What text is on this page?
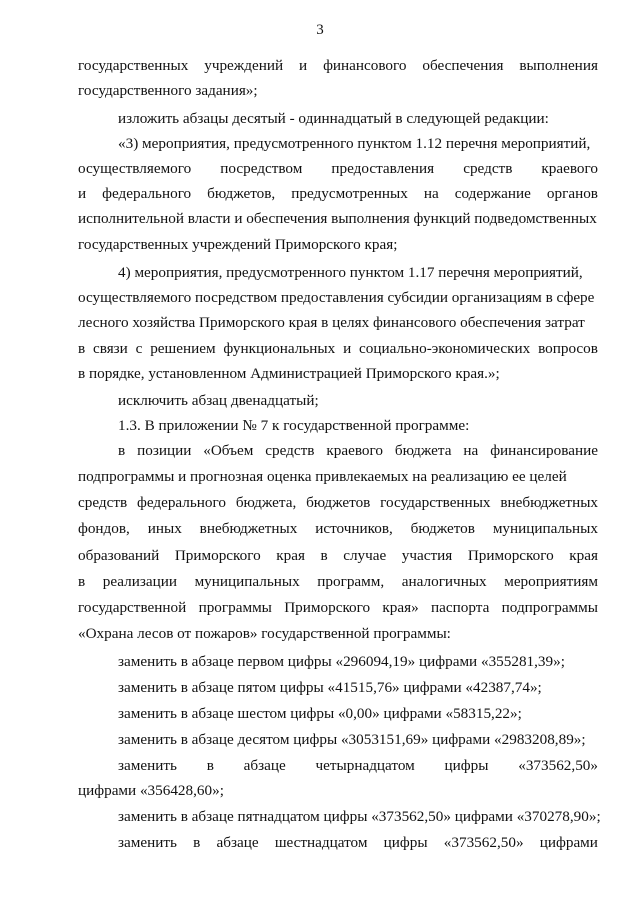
3
государственных учреждений и финансового обеспечения выполнения
государственного задания»;
изложить абзацы десятый - одиннадцатый в следующей редакции:
«3) мероприятия, предусмотренного пунктом 1.12 перечня мероприятий,
осуществляемого посредством предоставления средств краевого
и федерального бюджетов, предусмотренных на содержание органов
исполнительной власти и обеспечения выполнения функций подведомственных
государственных учреждений Приморского края;
4) мероприятия, предусмотренного пунктом 1.17 перечня мероприятий,
осуществляемого посредством предоставления субсидии организациям в сфере
лесного хозяйства Приморского края в целях финансового обеспечения затрат
в связи с решением функциональных и социально-экономических вопросов
в порядке, установленном Администрацией Приморского края.»;
исключить абзац двенадцатый;
1.3. В приложении № 7 к государственной программе:
в позиции «Объем средств краевого бюджета на финансирование
подпрограммы и прогнозная оценка привлекаемых на реализацию ее целей
средств федерального бюджета, бюджетов государственных внебюджетных
фондов, иных внебюджетных источников, бюджетов муниципальных
образований Приморского края в случае участия Приморского края
в реализации муниципальных программ, аналогичных мероприятиям
государственной программы Приморского края» паспорта подпрограммы
«Охрана лесов от пожаров» государственной программы:
заменить в абзаце первом цифры «296094,19» цифрами «355281,39»;
заменить в абзаце пятом цифры «41515,76» цифрами «42387,74»;
заменить в абзаце шестом цифры «0,00» цифрами «58315,22»;
заменить в абзаце десятом цифры «3053151,69» цифрами «2983208,89»;
заменить в абзаце четырнадцатом цифры «373562,50»
цифрами «356428,60»;
заменить в абзаце пятнадцатом цифры «373562,50» цифрами «370278,90»;
заменить в абзаце шестнадцатом цифры «373562,50» цифрами
